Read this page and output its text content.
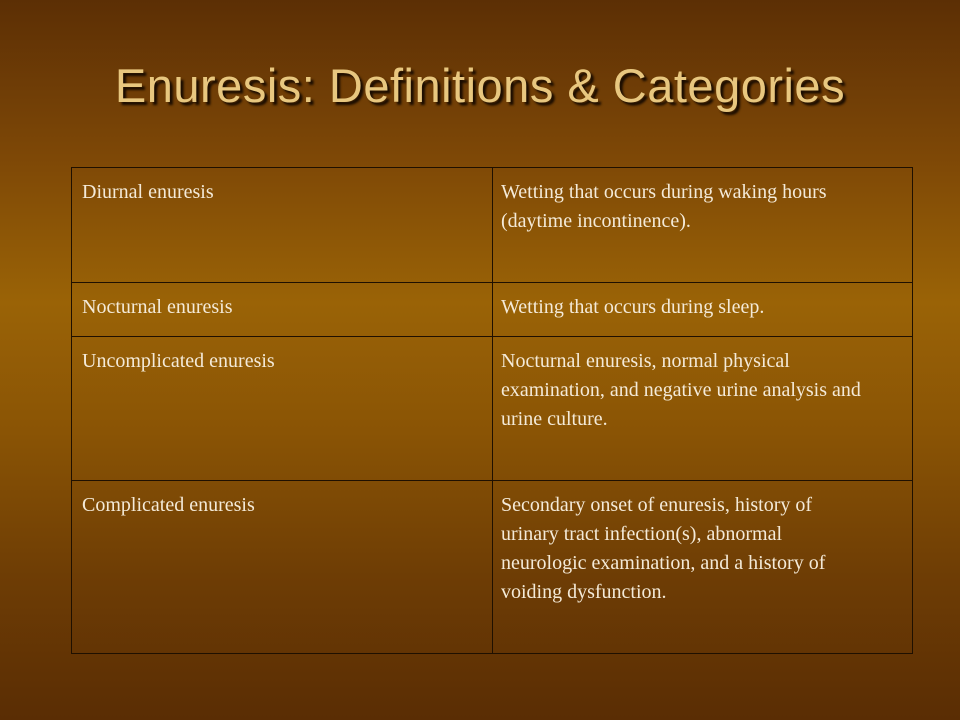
Enuresis: Definitions & Categories
Diurnal enuresis	Wetting that occurs during waking hours (daytime incontinence).
Nocturnal enuresis	Wetting that occurs during sleep.
Uncomplicated enuresis	Nocturnal enuresis, normal physical examination, and negative urine analysis and urine culture.
Complicated enuresis	Secondary onset of enuresis, history of urinary tract infection(s), abnormal neurologic examination, and a history of voiding dysfunction.
